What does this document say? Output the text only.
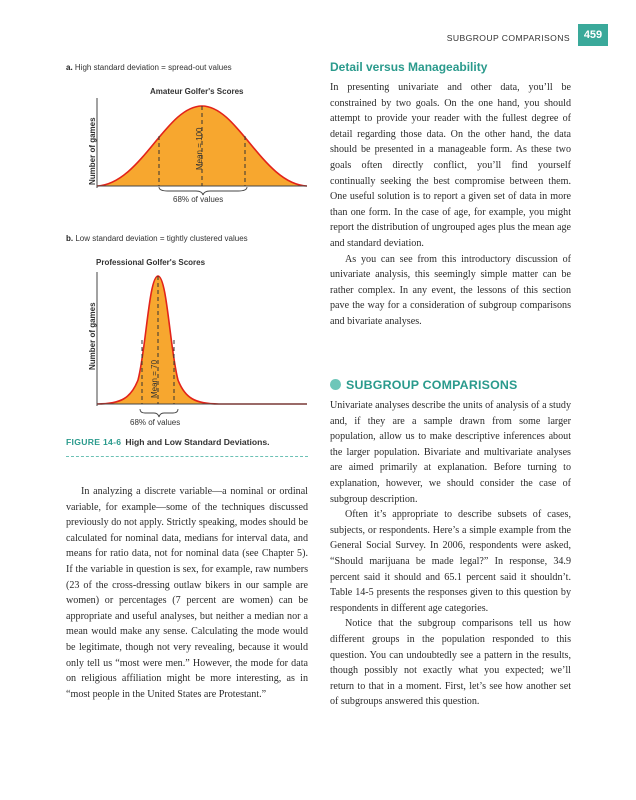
SUBGROUP COMPARISONS	459
a. High standard deviation = spread-out values
Amateur Golfer's Scores
Number of games	Mean = 100
68% of values
b. Low standard deviation = tightly clustered values
Professional Golfer's Scores
Number of games
Mean = 70
68% of values
FIGURE 14-6 High and Low Standard Deviations.

In analyzing a discrete variable—a nominal or ordinal variable, for example—some of the techniques discussed previously do not apply. Strictly speaking, modes should be calculated for nominal data, medians for interval data, and means for ratio data, not for nominal data (see Chapter 5). If the variable in question is sex, for example, raw numbers (23 of the cross-dressing outlaw bikers in our sample are women) or percentages (7 percent are women) can be appropriate and useful analyses, but neither a median nor a mean would make any sense. Calculating the mode would be legitimate, though not very revealing, because it would only tell us “most were men.” However, the mode for data on religious affiliation might be more interesting, as in “most people in the United States are Protestant.”

Detail versus Manageability

In presenting univariate and other data, you’ll be constrained by two goals. On the one hand, you should attempt to provide your reader with the fullest degree of detail regarding those data. On the other hand, the data should be presented in a manageable form. As these two goals often directly conflict, you’ll find yourself continually seeking the best compromise between them. One useful solution is to report a given set of data in more than one form. In the case of age, for example, you might report the distribution of ungrouped ages plus the mean age and standard deviation.

As you can see from this introductory discussion of univariate analysis, this seemingly simple matter can be rather complex. In any event, the lessons of this section pave the way for a consideration of subgroup comparisons and bivariate analyses.

SUBGROUP COMPARISONS

Univariate analyses describe the units of analysis of a study and, if they are a sample drawn from some larger population, allow us to make descriptive inferences about the larger population. Bivariate and multivariate analyses are aimed primarily at explanation. Before turning to explanation, however, we should consider the case of subgroup description.

Often it’s appropriate to describe subsets of cases, subjects, or respondents. Here’s a simple example from the General Social Survey. In 2006, respondents were asked, “Should marijuana be made legal?” In response, 34.9 percent said it should and 65.1 percent said it shouldn’t. Table 14-5 presents the responses given to this question by respondents in different age categories.

Notice that the subgroup comparisons tell us how different groups in the population responded to this question. You can undoubtedly see a pattern in the results, though possibly not exactly what you expected; we’ll return to that in a moment. First, let’s see how another set of subgroups answered this question.
